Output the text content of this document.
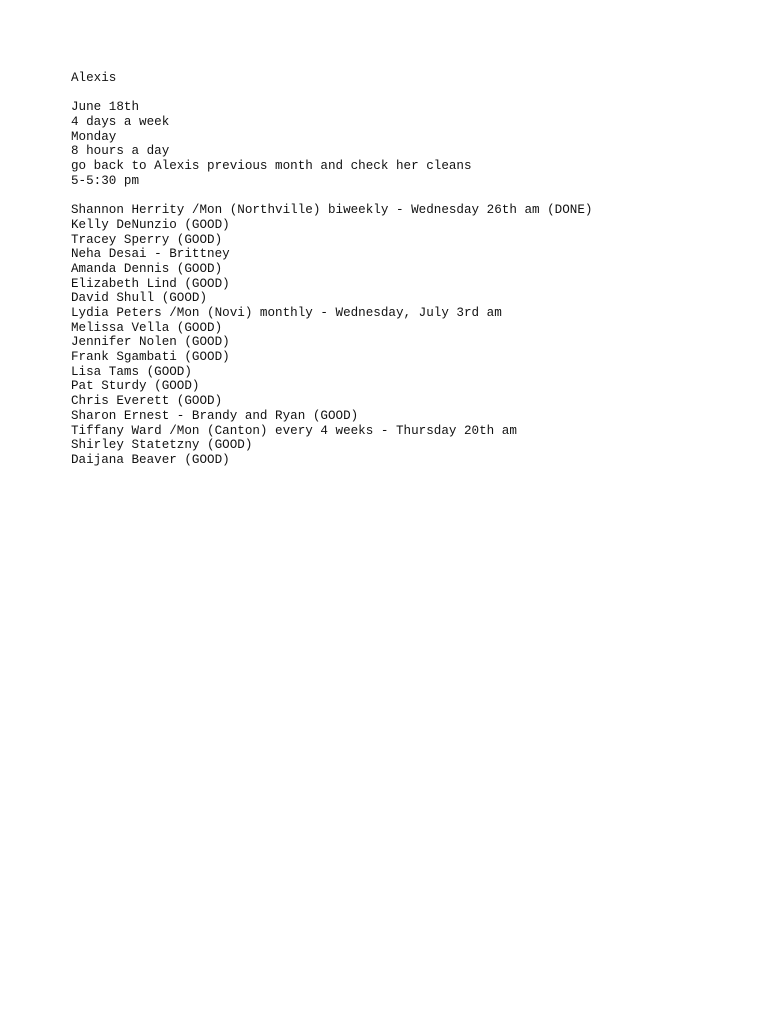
Alexis
June 18th
4 days a week
Monday
8 hours a day
go back to Alexis previous month and check her cleans
5-5:30 pm
Shannon Herrity /Mon (Northville) biweekly - Wednesday 26th am (DONE)
Kelly DeNunzio (GOOD)
Tracey Sperry (GOOD)
Neha Desai - Brittney
Amanda Dennis (GOOD)
Elizabeth Lind (GOOD)
David Shull (GOOD)
Lydia Peters /Mon (Novi) monthly - Wednesday, July 3rd am
Melissa Vella (GOOD)
Jennifer Nolen (GOOD)
Frank Sgambati (GOOD)
Lisa Tams (GOOD)
Pat Sturdy (GOOD)
Chris Everett (GOOD)
Sharon Ernest - Brandy and Ryan (GOOD)
Tiffany Ward /Mon (Canton) every 4 weeks - Thursday 20th am
Shirley Statetzny (GOOD)
Daijana Beaver (GOOD)
